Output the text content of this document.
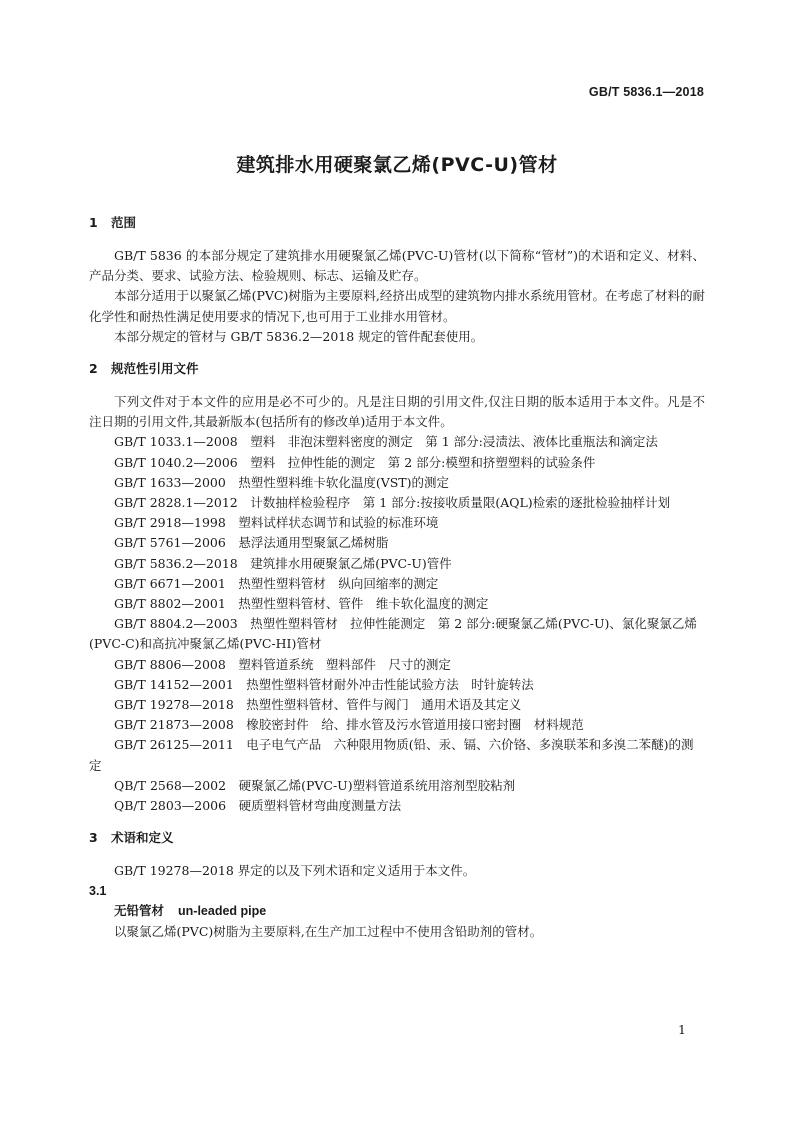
GB/T 5836.1—2018
建筑排水用硬聚氯乙烯(PVC-U)管材
1 范围

GB/T 5836 的本部分规定了建筑排水用硬聚氯乙烯(PVC-U)管材(以下简称“管材”)的术语和定义、材料、产品分类、要求、试验方法、检验规则、标志、运输及贮存。

本部分适用于以聚氯乙烯(PVC)树脂为主要原料,经挤出成型的建筑物内排水系统用管材。在考虑了材料的耐化学性和耐热性满足使用要求的情况下,也可用于工业排水用管材。

本部分规定的管材与 GB/T 5836.2—2018 规定的管件配套使用。

2 规范性引用文件

下列文件对于本文件的应用是必不可少的。凡是注日期的引用文件,仅注日期的版本适用于本文件。凡是不注日期的引用文件,其最新版本(包括所有的修改单)适用于本文件。

GB/T 1033.1—2008　塑料　非泡沫塑料密度的测定　第 1 部分:浸渍法、液体比重瓶法和滴定法

GB/T 1040.2—2006　塑料　拉伸性能的测定　第 2 部分:模塑和挤塑塑料的试验条件

GB/T 1633—2000　热塑性塑料维卡软化温度(VST)的测定

GB/T 2828.1—2012　计数抽样检验程序　第 1 部分:按接收质量限(AQL)检索的逐批检验抽样计划

GB/T 2918—1998　塑料试样状态调节和试验的标准环境

GB/T 5761—2006　悬浮法通用型聚氯乙烯树脂

GB/T 5836.2—2018　建筑排水用硬聚氯乙烯(PVC-U)管件

GB/T 6671—2001　热塑性塑料管材　纵向回缩率的测定

GB/T 8802—2001　热塑性塑料管材、管件　维卡软化温度的测定

GB/T 8804.2—2003　热塑性塑料管材　拉伸性能测定　第 2 部分:硬聚氯乙烯(PVC-U)、氯化聚氯乙烯(PVC-C)和高抗冲聚氯乙烯(PVC-HI)管材

GB/T 8806—2008　塑料管道系统　塑料部件　尺寸的测定

GB/T 14152—2001　热塑性塑料管材耐外冲击性能试验方法　时针旋转法

GB/T 19278—2018　热塑性塑料管材、管件与阀门　通用术语及其定义

GB/T 21873—2008　橡胶密封件　给、排水管及污水管道用接口密封圈　材料规范

GB/T 26125—2011　电子电气产品　六种限用物质(铅、汞、镉、六价铬、多溴联苯和多溴二苯醚)的测定

QB/T 2568—2002　硬聚氯乙烯(PVC-U)塑料管道系统用溶剂型胶粘剂

QB/T 2803—2006　硬质塑料管材弯曲度测量方法

3 术语和定义

GB/T 19278—2018 界定的以及下列术语和定义适用于本文件。

3.1
无铅管材 un-leaded pipe

以聚氯乙烯(PVC)树脂为主要原料,在生产加工过程中不使用含铅助剂的管材。

1
